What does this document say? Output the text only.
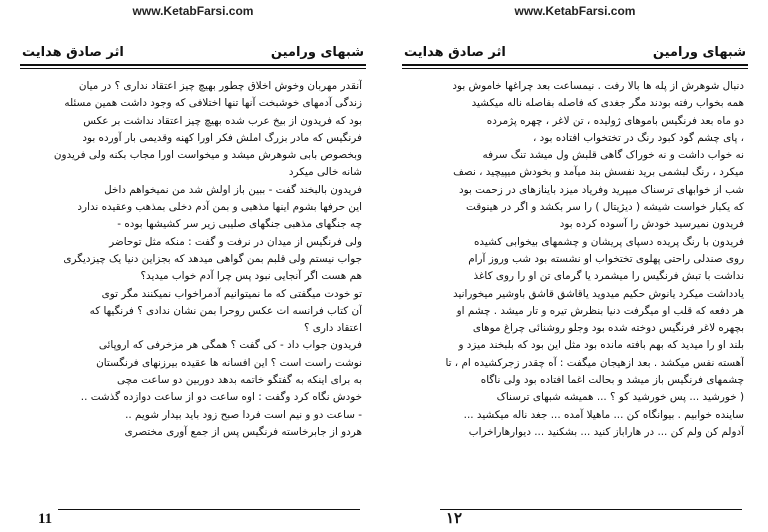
www.KetabFarsi.com
شبهای ورامین
اثر صادق هدایت

آنقدر مهربان وخوش اخلاق چطور بهیچ چیز اعتقاد ندارى ؟ در میان

زندگى آدمهاى خوشبخت آنها تنها اختلافى که وجود داشت همین مسئله

بود که فریدون از بیخ عرب شده بهیچ چیز اعتقاد نداشت بر عکس

فرنگیس که مادر بزرگ املش فکر اورا کهنه وقدیمى بار آورده بود

وبخصوص بابى شوهرش میشد و میخواست اورا مجاب بکنه ولى فریدون

شانه خالى میکرد

فریدون بالبخند گفت - ببین باز اولش شد من نمیخواهم داخل

این حرفها بشوم اینها مذهبى و بمن آدم دخلى بمذهب وعقیده ندارد

چه جنگهاى مذهبى جنگهاى صلیبى زیر سر کشیشها بوده -

ولى فرنگیس از میدان در نرفت و گفت : منکه مثل توحاضر

جواب نیستم ولى قلبم بمن گواهى میدهد که بجزاین دنیا یک چیزدیگرى

هم هست اگر آنجایى نبود پس چرا آدم خواب میدید؟

تو خودت میگفتى که ما نمیتوانیم آدمراخواب نمیکنند مگر توى

آن کتاب فرانسه ات عکس روحرا بمن نشان ندادى ؟ فرنگیها که

اعتقاد دارى ؟

فریدون جواب داد - کى گفت ؟ همگى هر مزخرفى که اروپائى

نوشت راست است ؟ این افسانه ها عقیده بیرزنهاى فرنگستان

به براى اینکه به گفتگو خاتمه بدهد دوربین دو ساعت مچى

خودش نگاه کرد وگفت : اوه ساعت دو از ساعت دوازده گذشت ..

- ساعت دو و نیم است فردا صبح زود باید بیدار شویم ..

هردو از جابرخاسته فرنگیس پس از جمع آورى مختصرى

11
www.KetabFarsi.com
شبهای ورامین
اثر صادق هدایت

دنبال شوهرش از پله ها بالا رفت . نیمساعت بعد چراغها خاموش بود

همه بخواب رفته بودند مگر جغدى که فاصله بفاصله ناله میکشید

دو ماه بعد فرنگیس باموهاى ژولیده ، تن لاغر ، چهره پژمرده

، پای چشم گود کبود رنگ در تختخواب افتاده بود ،

نه خواب داشت و نه خوراک گاهى قلبش ول میشد تنگ سرفه

میکرد ، رنگ لبشمى برید نفسش بند میآمد و بخودش میپیچید ، نصف

شب از خوابهاى ترسناک میپرید وفریاد میزد باینازهاى در زحمت بود

که یکبار خواست شیشه ( دیژیتال ) را سر بکشد و اگر در هینوقت

فریدون نمیرسید خودش را آسوده کرده بود

فریدون با رنگ پریده دسپاى پریشان و چشمهاى بیخوابى کشیده

روى صندلى راحتى پهلوى تختخواب او نشسته بود شب وروز آرام

نداشت با تبش فرنگیس را میشمرد یا گرماى تن او را روى کاغذ

یادداشت میکرد یانوش حکیم میدوید یاقاشق قاشق باوشیر میخورانید

هر دفعه که قلب او میگرفت دنیا بنظرش تیره و تار میشد . چشم او

بچهره لاغر فرنگیس دوخته شده بود وجلو روشنائى چراغ موهاى

بلند او را میدید که بهم بافته مانده بود مثل این بود که بلبخند میزد و

آهسته نفس میکشد . بعد ازهیجان میگفت : آه چقدر زجرکشیده ام ، تا

چشمهاى فرنگیس باز میشد و بحالت اغما افتاده بود ولى ناگاه

( خورشید ... پس خورشید کو ؟ ... همیشه شبهاى ترسناک

ساینده خوابیم . بیوانگاه کن ... ماهیلا آمده ... جغد ناله میکشید ...

آدولم کن ولم کن ... در هاراباز کنید ... بشکنید ... دیوارهاراخراب

۱۲
